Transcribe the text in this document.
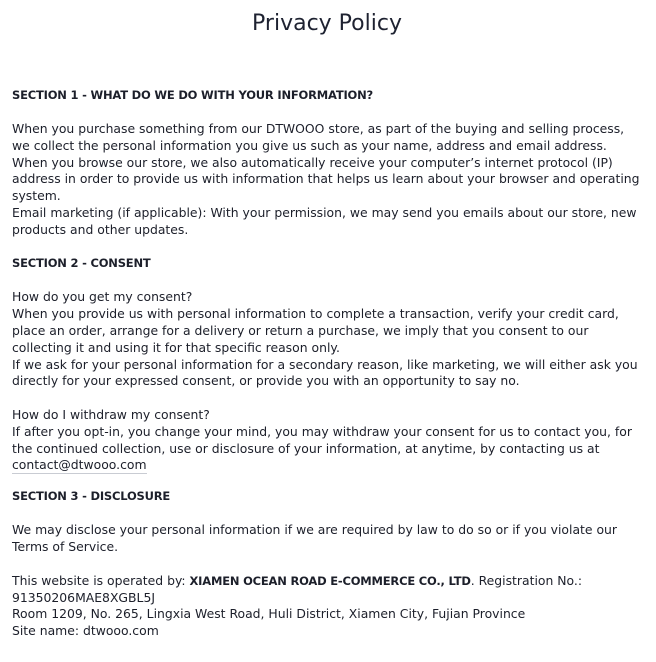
Privacy Policy
SECTION 1 - WHAT DO WE DO WITH YOUR INFORMATION?

When you purchase something from our DTWOOO store, as part of the buying and selling process,

we collect the personal information you give us such as your name, address and email address.

When you browse our store, we also automatically receive your computer’s internet protocol (IP)

address in order to provide us with information that helps us learn about your browser and operating

system.

Email marketing (if applicable): With your permission, we may send you emails about our store, new

products and other updates.

SECTION 2 - CONSENT

How do you get my consent?

When you provide us with personal information to complete a transaction, verify your credit card,

place an order, arrange for a delivery or return a purchase, we imply that you consent to our

collecting it and using it for that specific reason only.

If we ask for your personal information for a secondary reason, like marketing, we will either ask you

directly for your expressed consent, or provide you with an opportunity to say no.

How do I withdraw my consent?

If after you opt-in, you change your mind, you may withdraw your consent for us to contact you, for

the continued collection, use or disclosure of your information, at anytime, by contacting us at

contact@dtwooo.com

SECTION 3 - DISCLOSURE

We may disclose your personal information if we are required by law to do so or if you violate our

Terms of Service.

This website is operated by: XIAMEN OCEAN ROAD E-COMMERCE CO., LTD. Registration No.:

91350206MAE8XGBL5J

Room 1209, No. 265, Lingxia West Road, Huli District, Xiamen City, Fujian Province

Site name: dtwooo.com
